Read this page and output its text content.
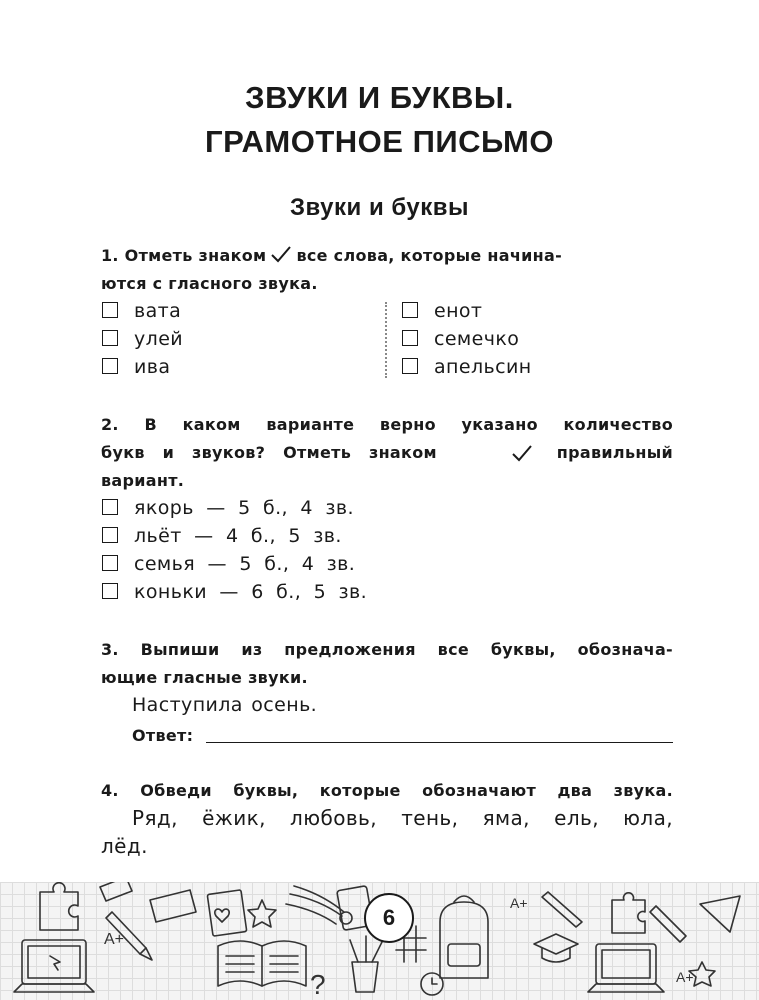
ЗВУКИ И БУКВЫ.
ГРАМОТНОЕ ПИСЬМО
Звуки и буквы
1. Отметь знаком все слова, которые начина-
ются с гласного звука.
вата
улей
ива
енот
семечко
апельсин
2. В каком варианте верно указано количество
букв и звуков? Отметь знаком	правильный
вариант.
якорь — 5 б., 4 зв.
льёт — 4 б., 5 зв.
семья — 5 б., 4 зв.
коньки — 6 б., 5 зв.
3. Выпиши из предложения все буквы, обознача-
ющие гласные звуки.
Наступила осень.
Ответ:
4. Обведи буквы, которые обозначают два звука.
Ряд, ёжик, любовь, тень, яма, ель, юла,
лёд.
A+
?
A+
A+
6
